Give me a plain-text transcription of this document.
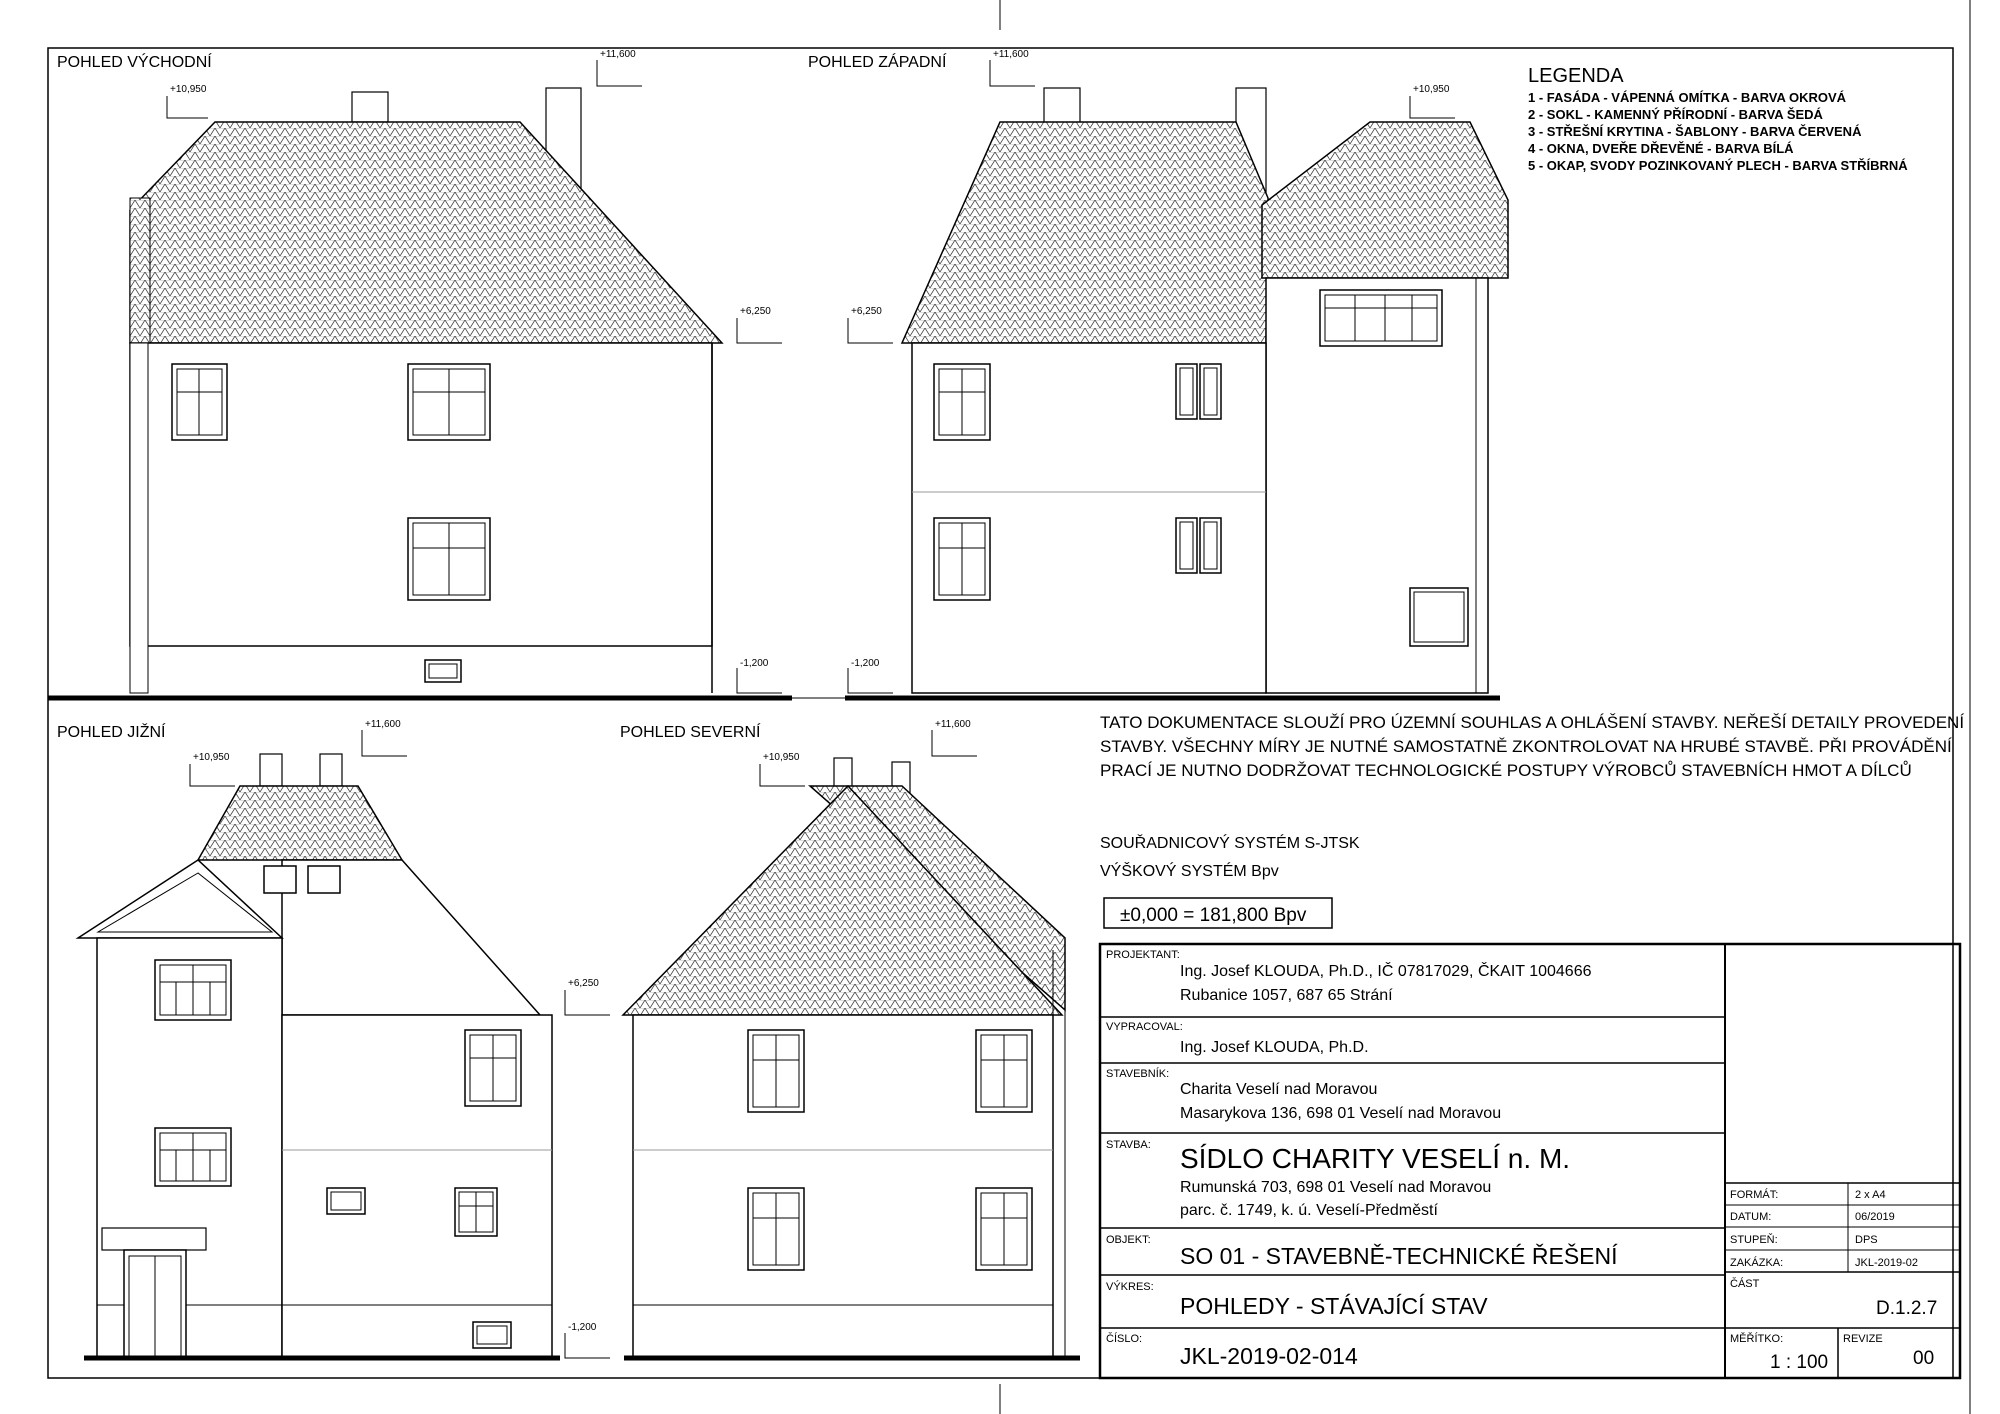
POHLED VÝCHODNÍ
+10,950
+11,600
+6,250
-1,200
POHLED ZÁPADNÍ	+11,600
+10,950
+6,250
-1,200
POHLED JIŽNÍ
+10,950
+11,600
+6,250
-1,200
POHLED SEVERNÍ
+10,950
+11,600
LEGENDA
1 - FASÁDA - VÁPENNÁ OMÍTKA - BARVA OKROVÁ
2 - SOKL - KAMENNÝ PŘÍRODNÍ - BARVA ŠEDÁ
3 - STŘEŠNÍ KRYTINA - ŠABLONY - BARVA ČERVENÁ
4 - OKNA, DVEŘE DŘEVĚNÉ - BARVA BÍLÁ
5 - OKAP, SVODY POZINKOVANÝ PLECH - BARVA STŘÍBRNÁ
TATO DOKUMENTACE SLOUŽÍ PRO ÚZEMNÍ SOUHLAS A OHLÁŠENÍ STAVBY. NEŘEŠÍ DETAILY PROVEDENÍ
STAVBY. VŠECHNY MÍRY JE NUTNÉ SAMOSTATNĚ ZKONTROLOVAT NA HRUBÉ STAVBĚ. PŘI PROVÁDĚNÍ
PRACÍ JE NUTNO DODRŽOVAT TECHNOLOGICKÉ POSTUPY VÝROBCŮ STAVEBNÍCH HMOT A DÍLCŮ
SOUŘADNICOVÝ SYSTÉM S-JTSK
VÝŠKOVÝ SYSTÉM Bpv
±0,000 = 181,800 Bpv
PROJEKTANT:
Ing. Josef KLOUDA, Ph.D., IČ 07817029, ČKAIT 1004666
Rubanice 1057, 687 65 Strání
VYPRACOVAL:
Ing. Josef KLOUDA, Ph.D.
STAVEBNÍK:
Charita Veselí nad Moravou
Masarykova 136, 698 01 Veselí nad Moravou
STAVBA: SÍDLO CHARITY VESELÍ n. M.
Rumunská 703, 698 01 Veselí nad Moravou
parc. č. 1749, k. ú. Veselí-Předměstí
OBJEKT:
SO 01 - STAVEBNĚ-TECHNICKÉ ŘEŠENÍ
VÝKRES:
POHLEDY - STÁVAJÍCÍ STAV
ČÍSLO:
JKL-2019-02-014
FORMÁT:	2 x A4
DATUM:	06/2019
STUPEŇ:	DPS
ZAKÁZKA:	JKL-2019-02
ČÁST
D.1.2.7
MĚŘÍTKO:
1 : 100
REVIZE
00
